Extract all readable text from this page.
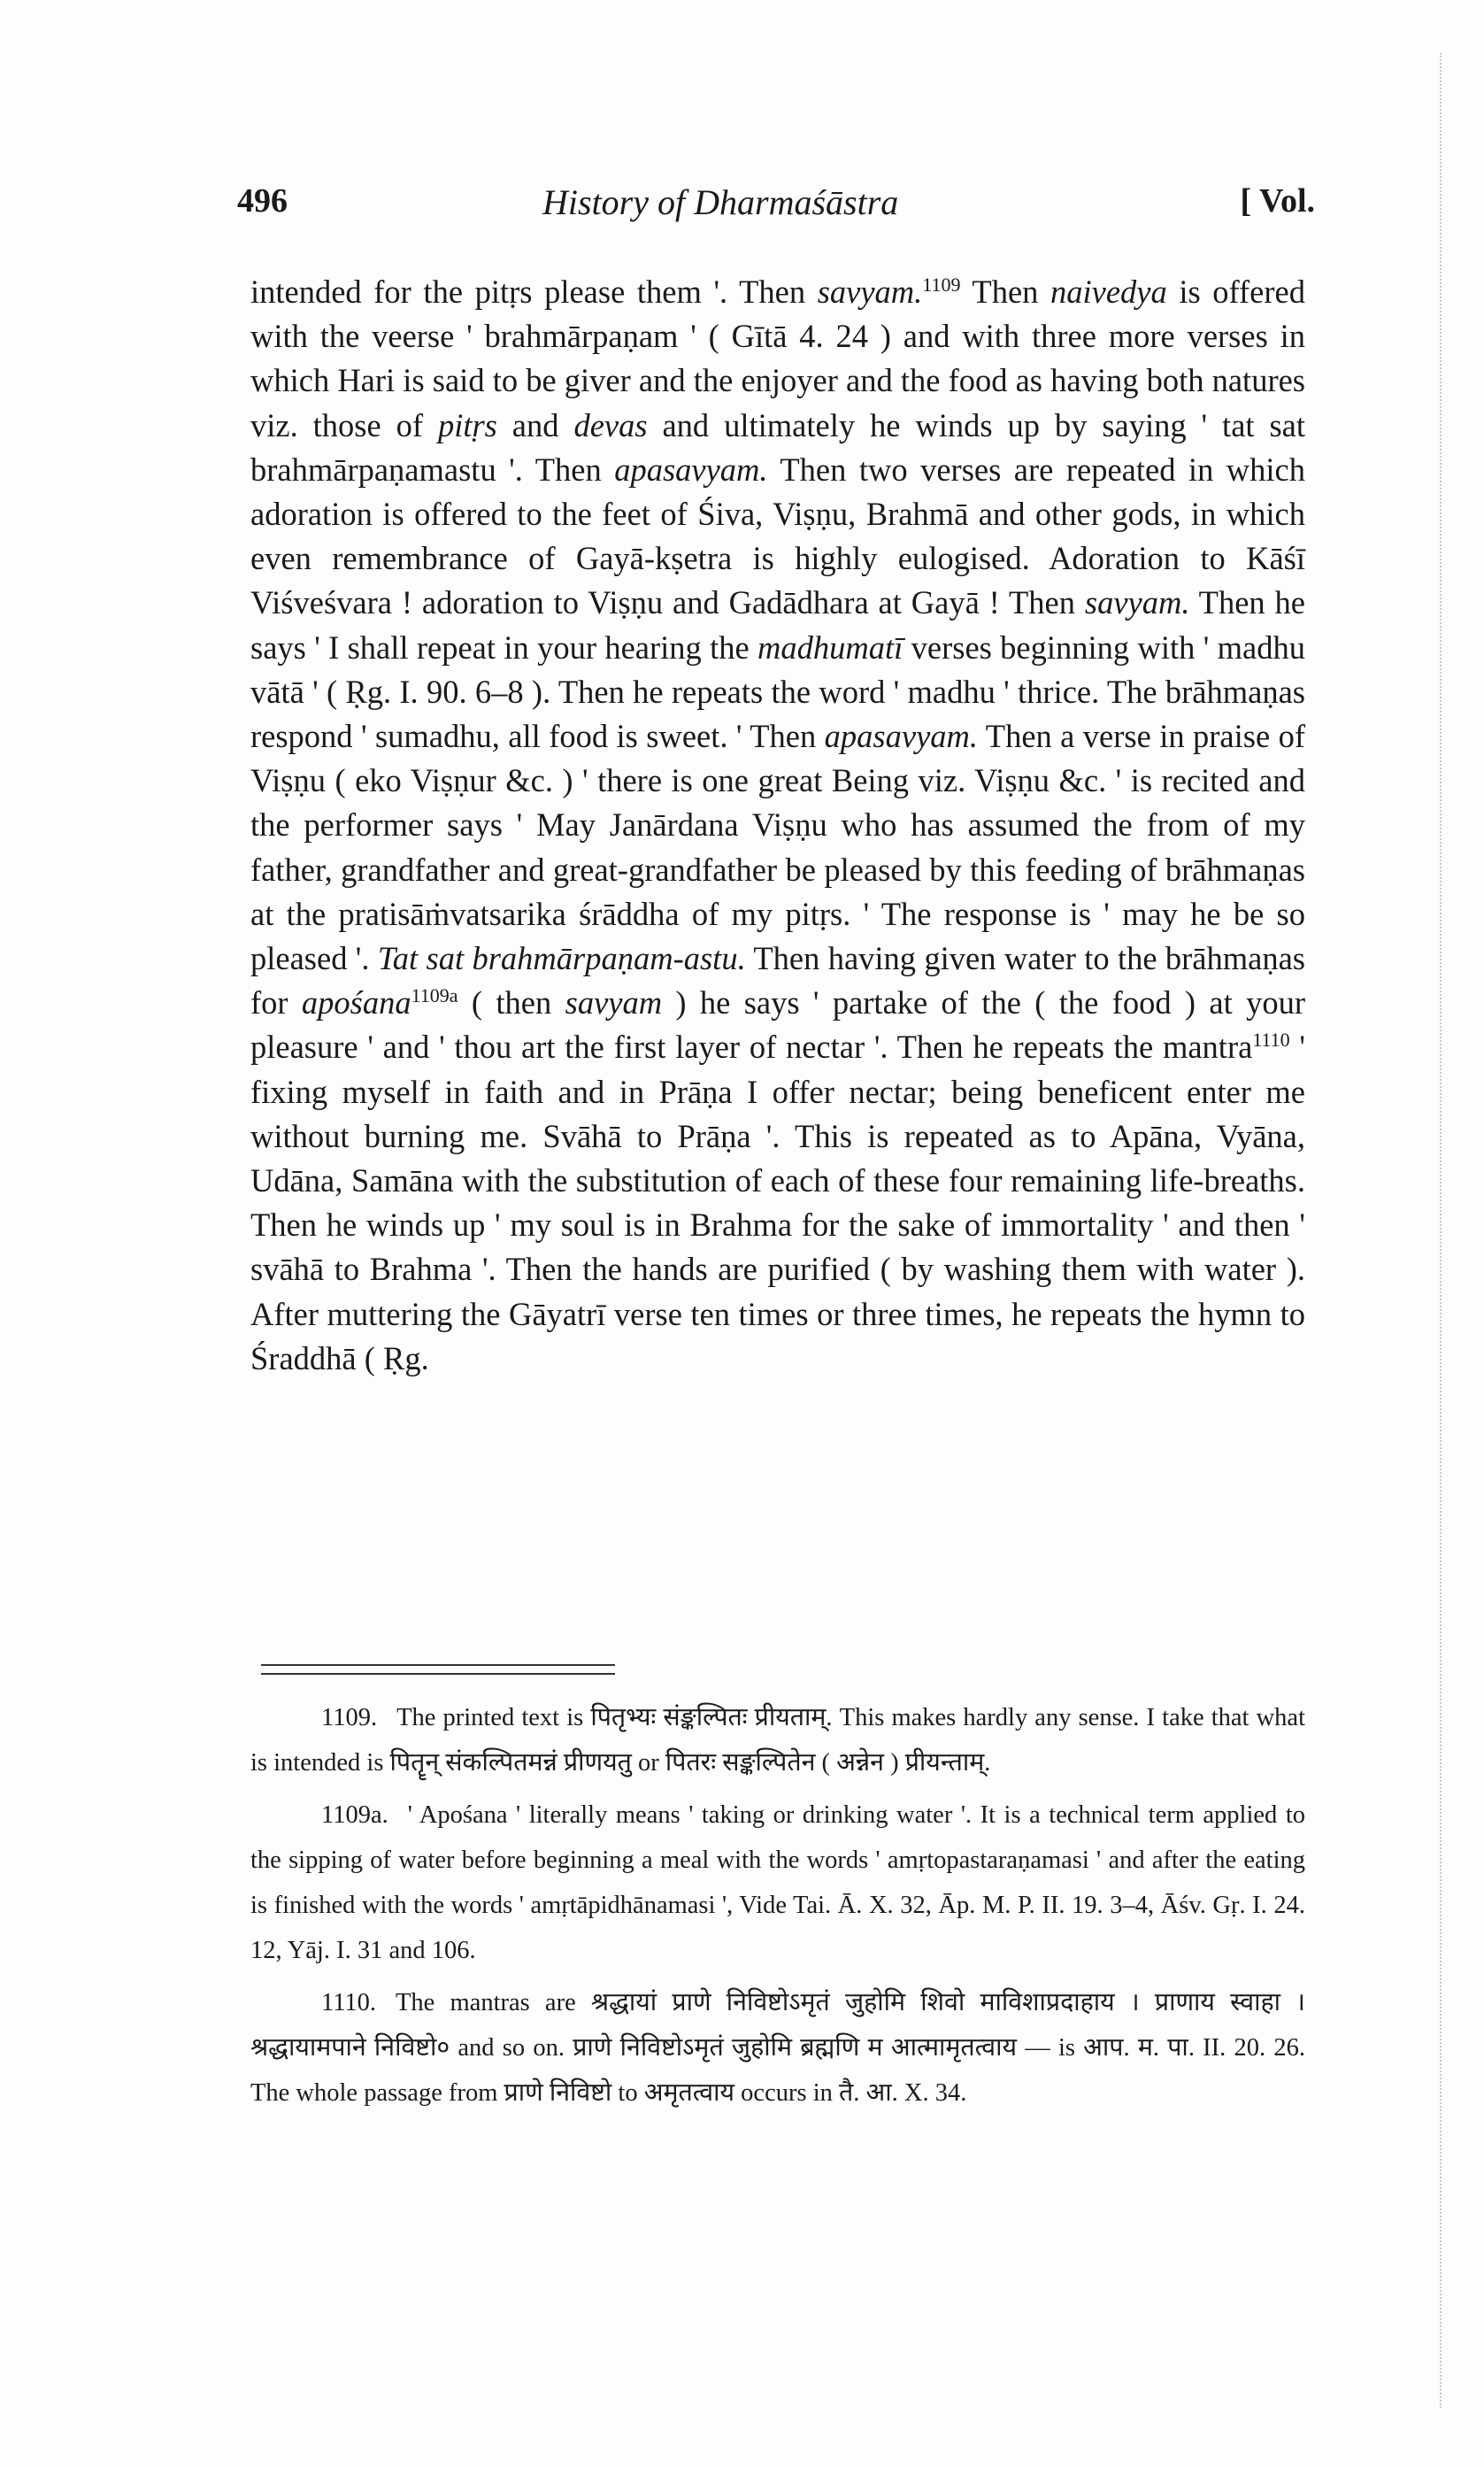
496	History of Dharmaśāstra	[ Vol.

intended for the pitṛs please them '. Then savyam.$^{1109}$ Then naivedya is offered with the veerse ' brahmārpaṇam ' ( Gītā 4. 24 ) and with three more verses in which Hari is said to be giver and the enjoyer and the food as having both natures viz. those of pitṛs and devas and ultimately he winds up by saying ' tat sat brahmārpaṇamastu '. Then apasavyam. Then two verses are repeated in which adoration is offered to the feet of Śiva, Viṣṇu, Brahmā and other gods, in which even remembrance of Gayā-kṣetra is highly eulogised. Adoration to Kāśī Viśveśvara ! adoration to Viṣṇu and Gadādhara at Gayā ! Then savyam. Then he says ' I shall repeat in your hearing the madhumatī verses beginning with ' madhu vātā ' ( Ṛg. I. 90. 6–8 ). Then he repeats the word ' madhu ' thrice. The brāhmaṇas respond ' sumadhu, all food is sweet. ' Then apasavyam. Then a verse in praise of Viṣṇu ( eko Viṣṇur &c. ) ' there is one great Being viz. Viṣṇu &c. ' is recited and the performer says ' May Janārdana Viṣṇu who has assumed the from of my father, grandfather and great-grandfather be pleased by this feeding of brāhmaṇas at the pratisāṁvatsarika śrāddha of my pitṛs. ' The response is ' may he be so pleased '. Tat sat brahmārpaṇam-astu. Then having given water to the brāhmaṇas for apośana$^{1109a}$ ( then savyam ) he says ' partake of the ( the food ) at your pleasure ' and ' thou art the first layer of nectar '. Then he repeats the mantra$^{1110}$ ' fixing myself in faith and in Prāṇa I offer nectar; being beneficent enter me without burning me. Svāhā to Prāṇa '. This is repeated as to Apāna, Vyāna, Udāna, Samāna with the substitution of each of these four remaining life-breaths. Then he winds up ' my soul is in Brahma for the sake of immortality ' and then ' svāhā to Brahma '. Then the hands are purified ( by washing them with water ). After muttering the Gāyatrī verse ten times or three times, he repeats the hymn to Śraddhā ( Ṛg.

1109. The printed text is पितृभ्यः संङ्कल्पितः प्रीयताम्. This makes hardly any sense. I take that what is intended is पितॄन् संकल्पितमन्नं प्रीणयतु or पितरः सङ्कल्पितेन ( अन्नेन ) प्रीयन्ताम्.

1109a. ' Apośana ' literally means ' taking or drinking water '. It is a technical term applied to the sipping of water before beginning a meal with the words ' amṛtopastaraṇamasi ' and after the eating is finished with the words ' amṛtāpidhānamasi ', Vide Tai. Ā. X. 32, Āp. M. P. II. 19. 3–4, Āśv. Gṛ. I. 24. 12, Yāj. I. 31 and 106.

1110. The mantras are श्रद्धायां प्राणे निविष्टोऽमृतं जुहोमि शिवो माविशाप्रदाहाय । प्राणाय स्वाहा । श्रद्धायामपाने निविष्टो० and so on. प्राणे निविष्टोऽमृतं जुहोमि ब्रह्मणि म आत्मामृतत्वाय — is आप. म. पा. II. 20. 26. The whole passage from प्राणे निविष्टो to अमृतत्वाय occurs in तै. आ. X. 34.
